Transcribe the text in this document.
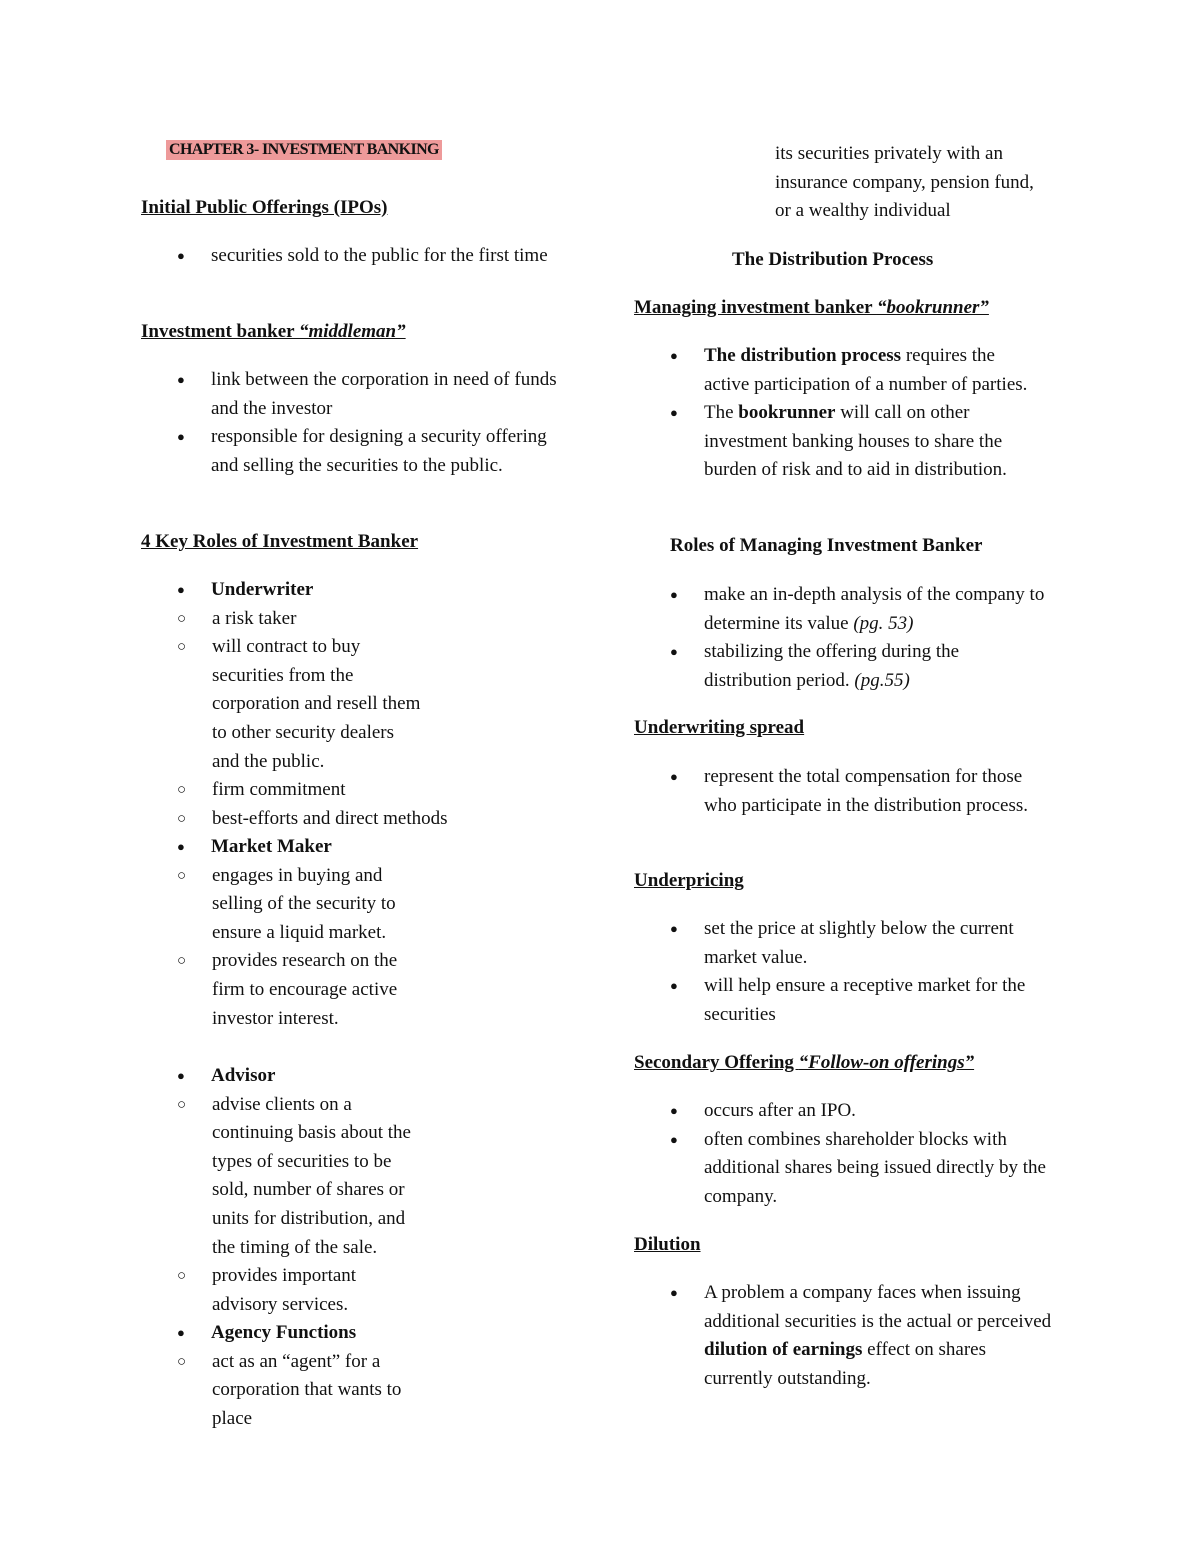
CHAPTER 3- INVESTMENT BANKING
Initial Public Offerings (IPOs)
● securities sold to the public for the first time
Investment banker “middleman”
● link between the corporation in need of funds and the investor
● responsible for designing a security offering and selling the securities to the public.
4 Key Roles of Investment Banker
● Underwriter
○ a risk taker
○ will contract to buy securities from the corporation and resell them to other security dealers and the public.
○ firm commitment
○ best-efforts and direct methods
● Market Maker
○ engages in buying and selling of the security to ensure a liquid market.
○ provides research on the firm to encourage active investor interest.
● Advisor
○ advise clients on a continuing basis about the types of securities to be sold, number of shares or units for distribution, and the timing of the sale.
○ provides important advisory services.
● Agency Functions
○ act as an “agent” for a corporation that wants to place
its securities privately with an insurance company, pension fund, or a wealthy individual
The Distribution Process
Managing investment banker “bookrunner”
● The distribution process requires the active participation of a number of parties.
● The bookrunner will call on other investment banking houses to share the burden of risk and to aid in distribution.
Roles of Managing Investment Banker
● make an in-depth analysis of the company to determine its value (pg. 53)
● stabilizing the offering during the distribution period. (pg.55)
Underwriting spread
● represent the total compensation for those who participate in the distribution process.
Underpricing
● set the price at slightly below the current market value.
● will help ensure a receptive market for the securities
Secondary Offering “Follow-on offerings”
● occurs after an IPO.
● often combines shareholder blocks with additional shares being issued directly by the company.
Dilution
● A problem a company faces when issuing additional securities is the actual or perceived dilution of earnings effect on shares currently outstanding.
